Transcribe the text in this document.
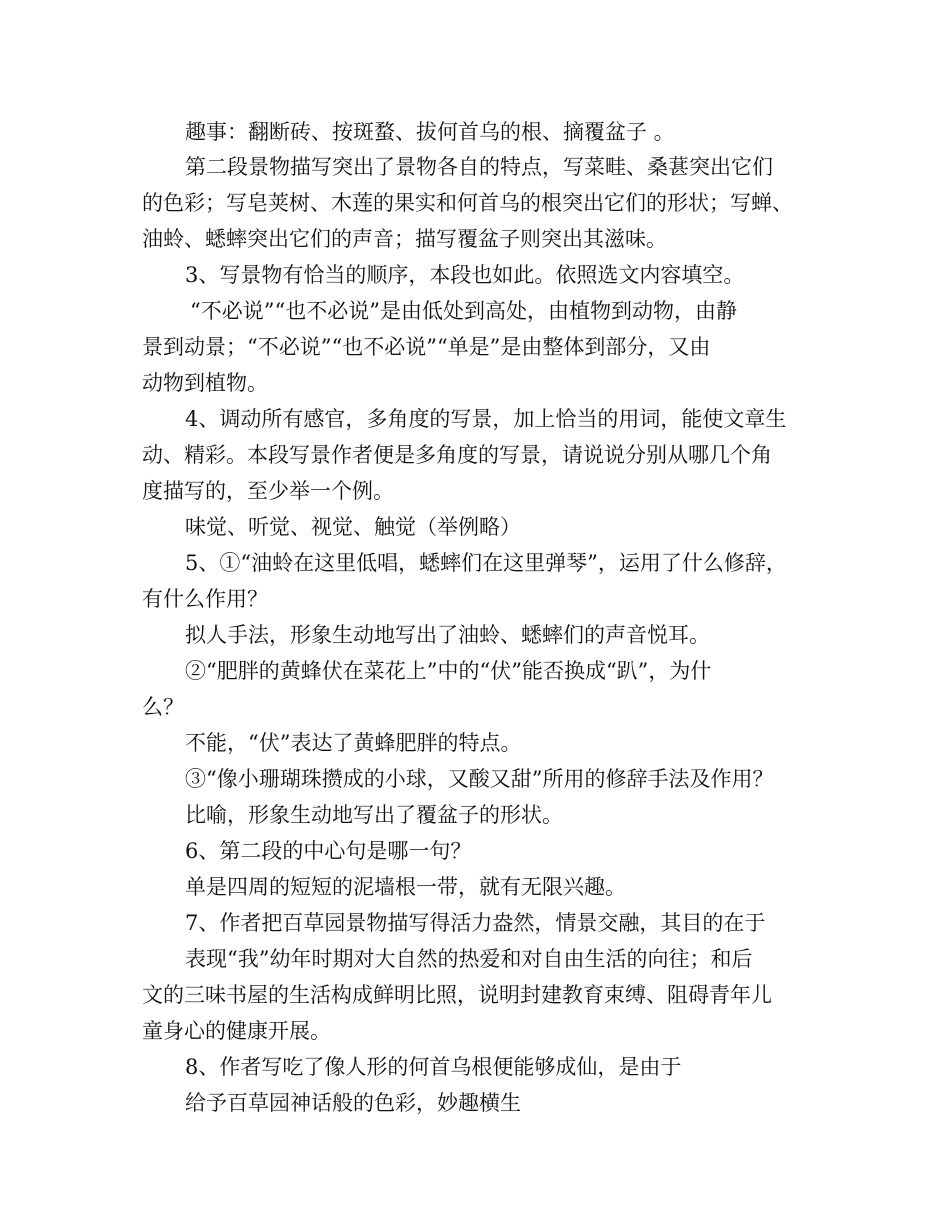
趣事：翻断砖、按斑蝥、拔何首乌的根、摘覆盆子 。
第二段景物描写突出了景物各自的特点，写菜畦、桑葚突出它们
的色彩；写皂荚树、木莲的果实和何首乌的根突出它们的形状；写蝉、
油蛉、蟋蟀突出它们的声音；描写覆盆子则突出其滋味。
3、写景物有恰当的顺序，本段也如此。依照选文内容填空。
“不必说”“也不必说”是由低处到高处，由植物到动物，由静
景到动景；“不必说”“也不必说”“单是”是由整体到部分，又由
动物到植物。
4、调动所有感官，多角度的写景，加上恰当的用词，能使文章生
动、精彩。本段写景作者便是多角度的写景，请说说分别从哪几个角
度描写的，至少举一个例。
味觉、听觉、视觉、触觉（举例略）
5、①“油蛉在这里低唱，蟋蟀们在这里弹琴”，运用了什么修辞，
有什么作用？
拟人手法，形象生动地写出了油蛉、蟋蟀们的声音悦耳。
②“肥胖的黄蜂伏在菜花上”中的“伏”能否换成“趴”，为什
么？
不能，“伏”表达了黄蜂肥胖的特点。
③“像小珊瑚珠攒成的小球，又酸又甜”所用的修辞手法及作用？
比喻，形象生动地写出了覆盆子的形状。
6、第二段的中心句是哪一句？
单是四周的短短的泥墙根一带，就有无限兴趣。
7、作者把百草园景物描写得活力盎然，情景交融，其目的在于
表现“我”幼年时期对大自然的热爱和对自由生活的向往；和后
文的三味书屋的生活构成鲜明比照，说明封建教育束缚、阻碍青年儿
童身心的健康开展。
8、作者写吃了像人形的何首乌根便能够成仙，是由于
给予百草园神话般的色彩，妙趣横生
